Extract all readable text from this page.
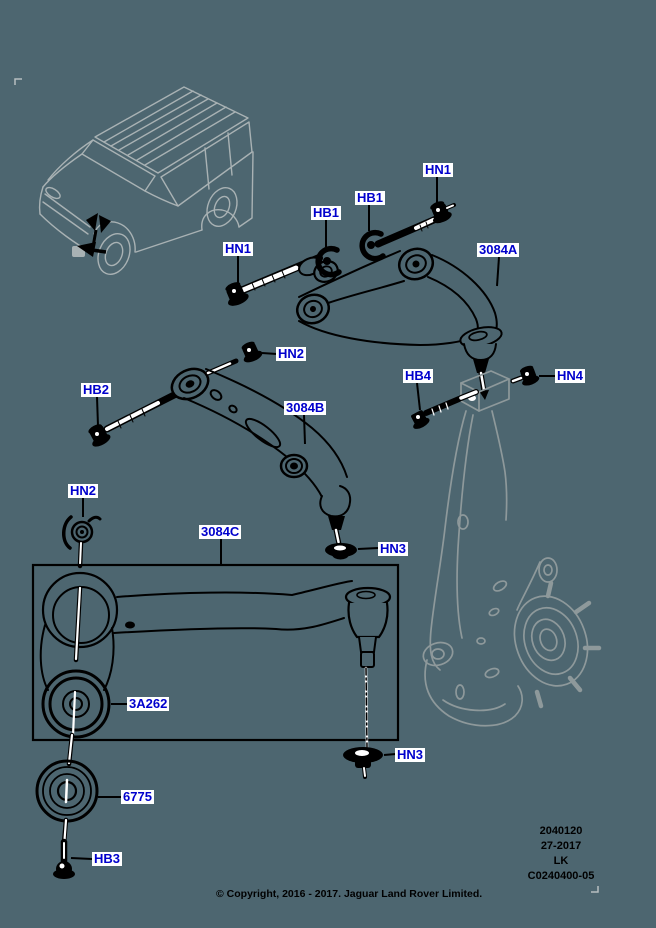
HN1
HB1
HB1
HN1	3084A
HN2
HB4	HN4
HB2
3084B
HN2
3084C
HN3
3A262
HN3
6775
HB3
2040120
27-2017
LK
C0240400-05
© Copyright, 2016 - 2017. Jaguar Land Rover Limited.
